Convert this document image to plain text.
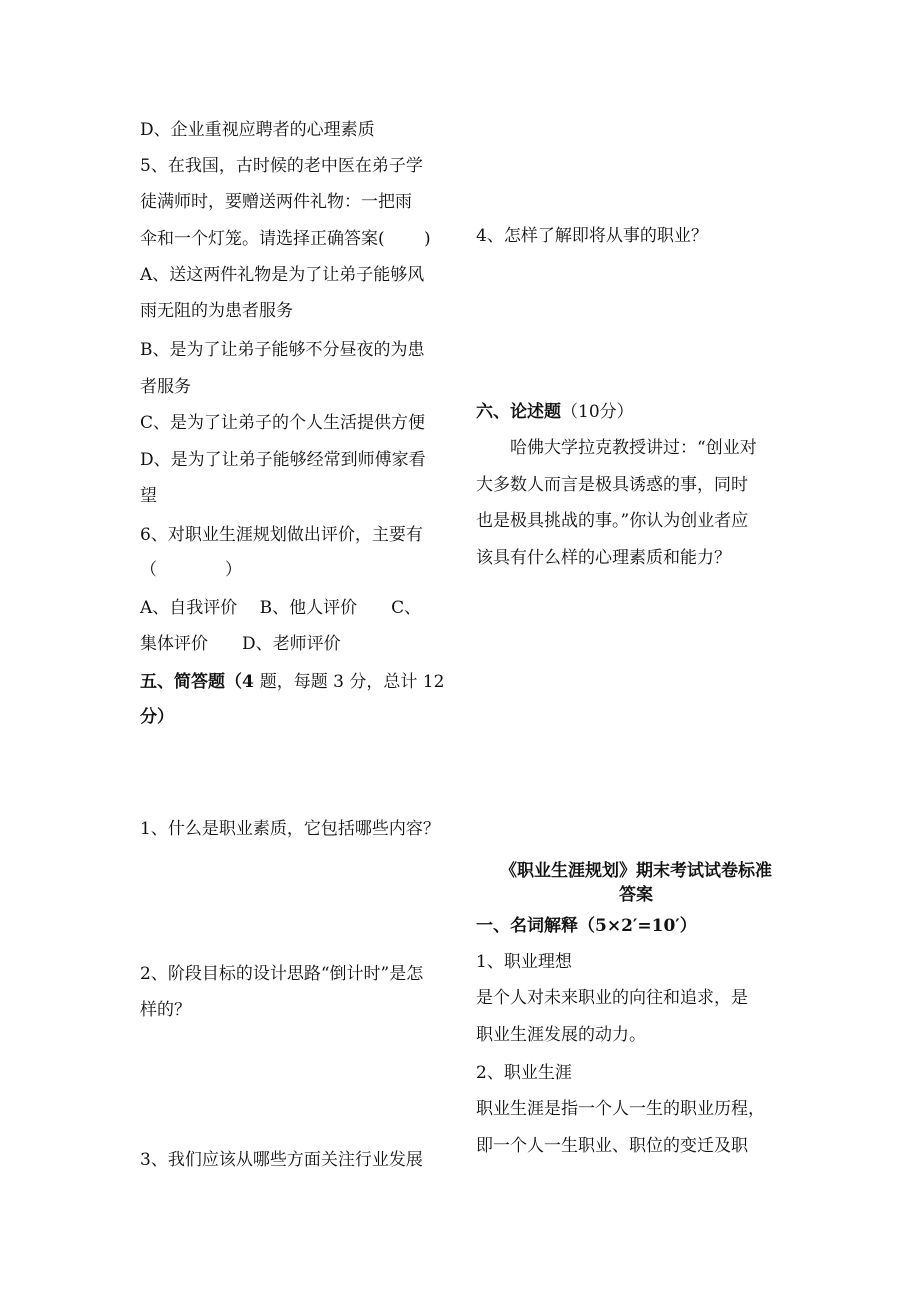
D、企业重视应聘者的心理素质
5、在我国，古时候的老中医在弟子学
徒满师时，要赠送两件礼物：一把雨
伞和一个灯笼。请选择正确答案(　　 )
A、送这两件礼物是为了让弟子能够风
雨无阻的为患者服务
B、是为了让弟子能够不分昼夜的为患
者服务
C、是为了让弟子的个人生活提供方便
D、是为了让弟子能够经常到师傅家看
望
6、对职业生涯规划做出评价，主要有
（　　　　）
A、自我评价　 B、他人评价　　C、
集体评价　　D、老师评价
五、简答题（4 题，每题 3 分，总计 12
分）
1、什么是职业素质，它包括哪些内容？
2、阶段目标的设计思路“倒计时”是怎
样的？
3、我们应该从哪些方面关注行业发展
4、怎样了解即将从事的职业？
六、论述题（10分）
　　哈佛大学拉克教授讲过：“创业对
大多数人而言是极具诱惑的事，同时
也是极具挑战的事。”你认为创业者应
该具有什么样的心理素质和能力？
《职业生涯规划》期末考试试卷标准
答案
一、名词解释（5×2′=10′）
1、职业理想
是个人对未来职业的向往和追求，是
职业生涯发展的动力。
2、职业生涯
职业生涯是指一个人一生的职业历程，
即一个人一生职业、职位的变迁及职
